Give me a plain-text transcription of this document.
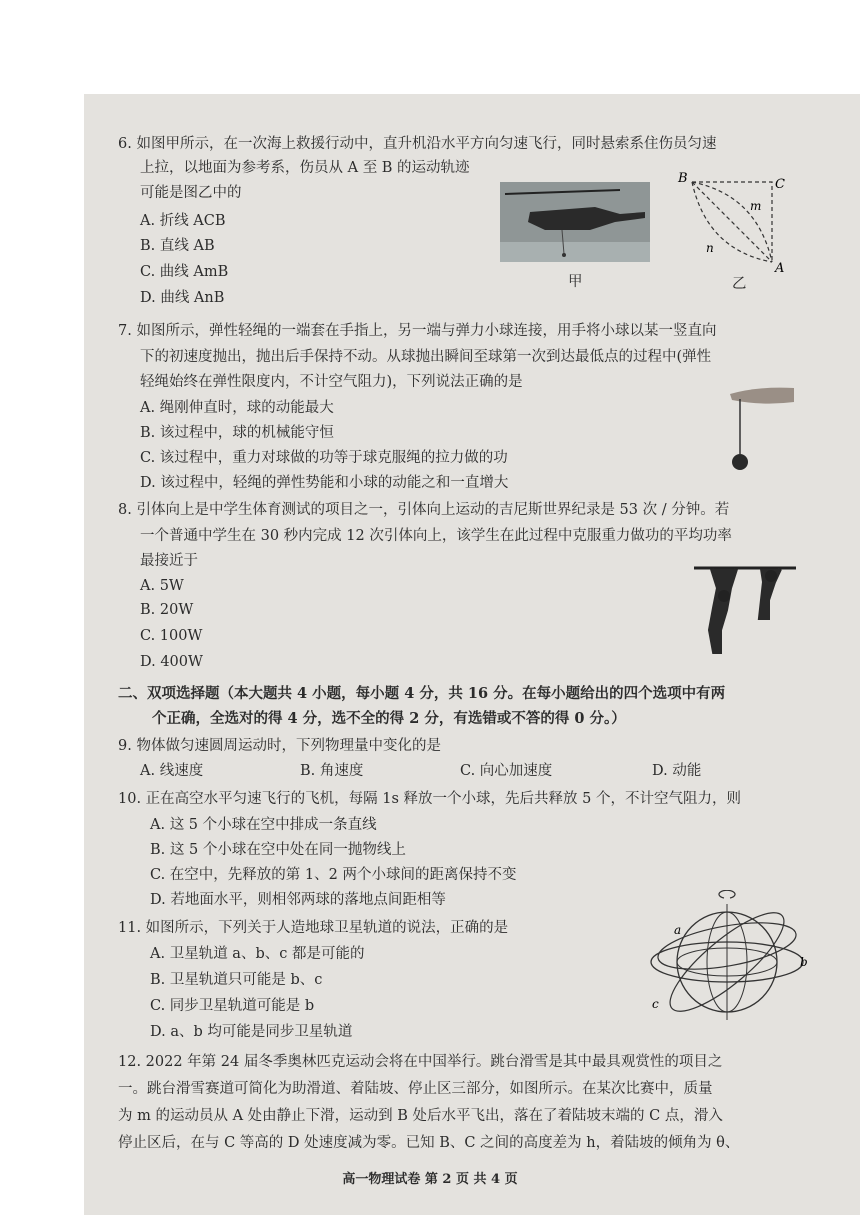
6. 如图甲所示，在一次海上救援行动中，直升机沿水平方向匀速飞行，同时悬索系住伤员匀速
上拉，以地面为参考系，伤员从 A 至 B 的运动轨迹
可能是图乙中的
A. 折线 ACB
B. 直线 AB
C. 曲线 AmB
D. 曲线 AnB
甲
B	C
A
m
n
乙
7. 如图所示，弹性轻绳的一端套在手指上，另一端与弹力小球连接，用手将小球以某一竖直向
下的初速度抛出，抛出后手保持不动。从球抛出瞬间至球第一次到达最低点的过程中(弹性
轻绳始终在弹性限度内，不计空气阻力)，下列说法正确的是
A. 绳刚伸直时，球的动能最大
B. 该过程中，球的机械能守恒
C. 该过程中，重力对球做的功等于球克服绳的拉力做的功
D. 该过程中，轻绳的弹性势能和小球的动能之和一直增大
8. 引体向上是中学生体育测试的项目之一，引体向上运动的吉尼斯世界纪录是 53 次 / 分钟。若
一个普通中学生在 30 秒内完成 12 次引体向上，该学生在此过程中克服重力做功的平均功率
最接近于
A. 5W
B. 20W
C. 100W
D. 400W
二、双项选择题（本大题共 4 小题，每小题 4 分，共 16 分。在每小题给出的四个选项中有两
个正确，全选对的得 4 分，选不全的得 2 分，有选错或不答的得 0 分。）
9. 物体做匀速圆周运动时，下列物理量中变化的是
A. 线速度	B. 角速度	C. 向心加速度	D. 动能
10. 正在高空水平匀速飞行的飞机，每隔 1s 释放一个小球，先后共释放 5 个，不计空气阻力，则
A. 这 5 个小球在空中排成一条直线
B. 这 5 个小球在空中处在同一抛物线上
C. 在空中，先释放的第 1、2 两个小球间的距离保持不变
D. 若地面水平，则相邻两球的落地点间距相等
11. 如图所示，下列关于人造地球卫星轨道的说法，正确的是
A. 卫星轨道 a、b、c 都是可能的
B. 卫星轨道只可能是 b、c
C. 同步卫星轨道可能是 b
D. a、b 均可能是同步卫星轨道
a
b
c
12. 2022 年第 24 届冬季奥林匹克运动会将在中国举行。跳台滑雪是其中最具观赏性的项目之
一。跳台滑雪赛道可简化为助滑道、着陆坡、停止区三部分，如图所示。在某次比赛中，质量
为 m 的运动员从 A 处由静止下滑，运动到 B 处后水平飞出，落在了着陆坡末端的 C 点，滑入
停止区后，在与 C 等高的 D 处速度减为零。已知 B、C 之间的高度差为 h，着陆坡的倾角为 θ、
高一物理试卷 第 2 页 共 4 页
